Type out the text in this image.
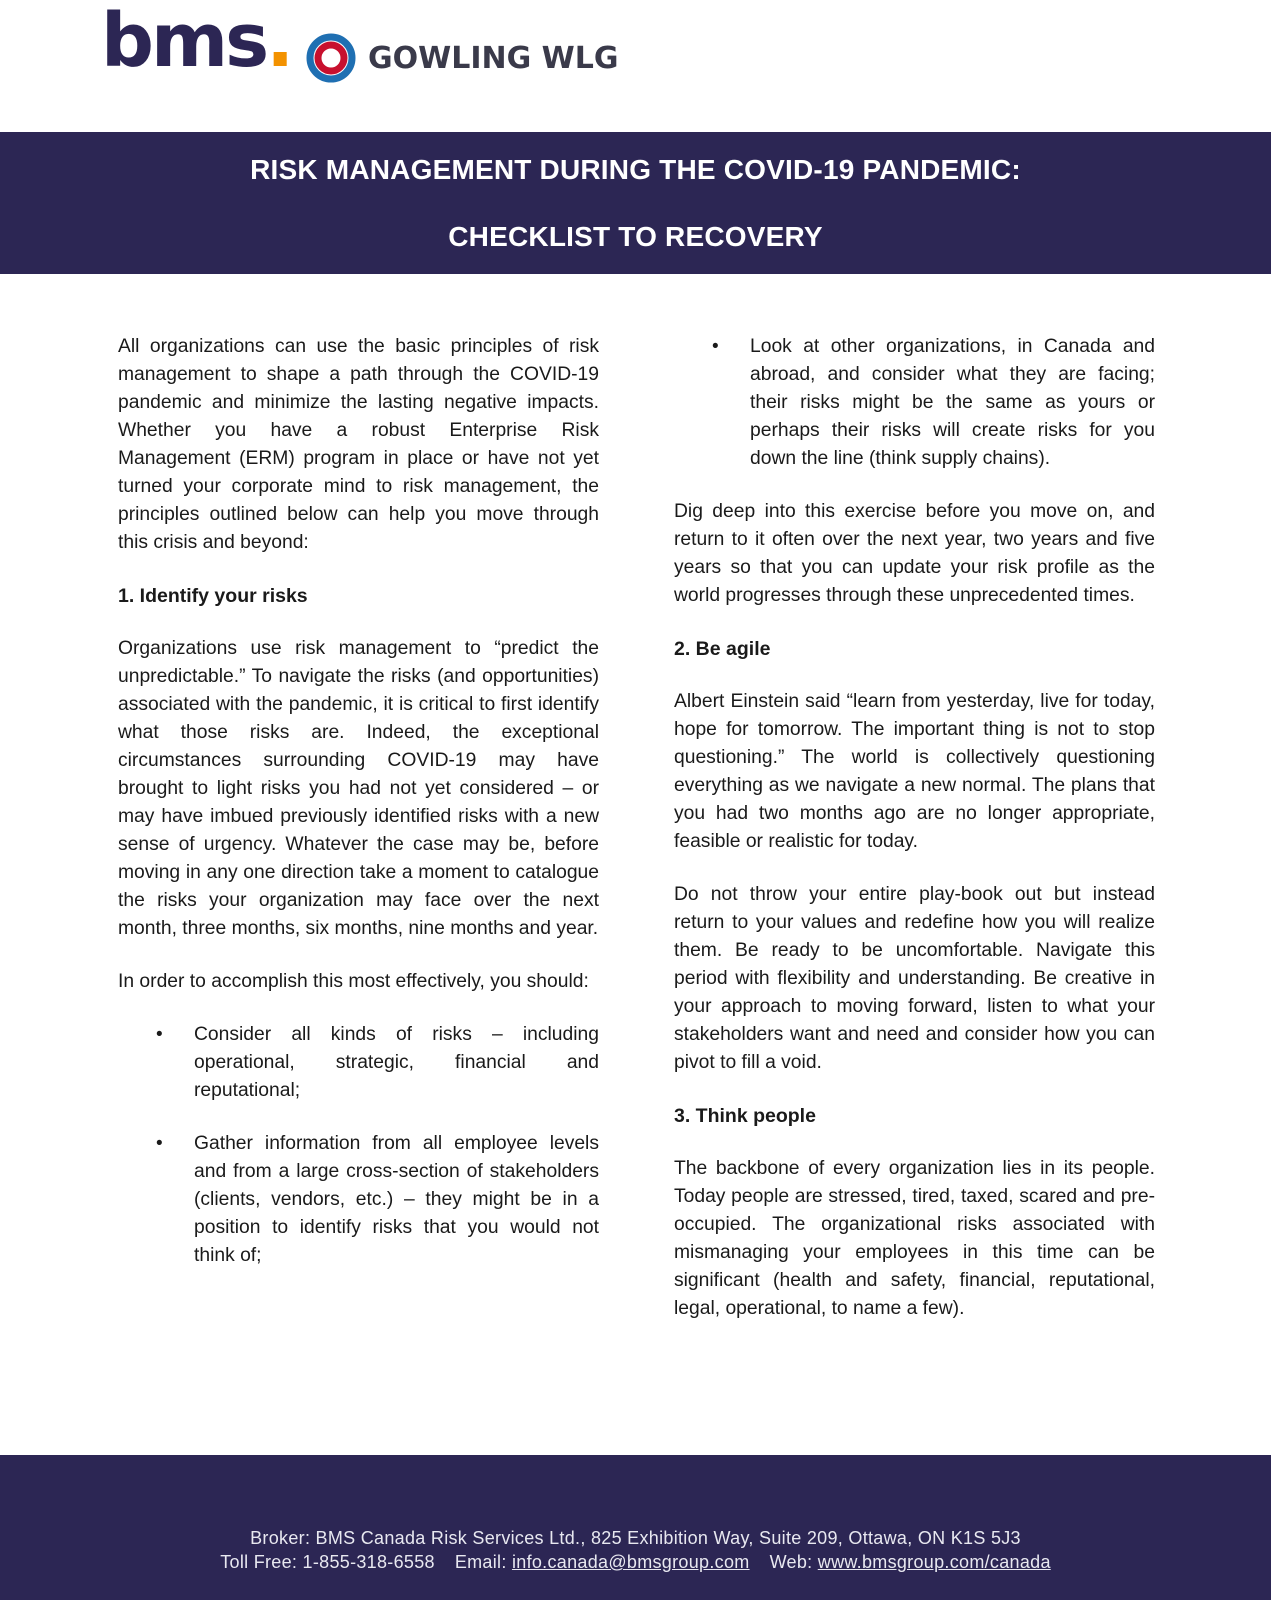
bms.	GOWLING WLG
RISK MANAGEMENT DURING THE COVID-19 PANDEMIC:
CHECKLIST TO RECOVERY

All organizations can use the basic principles of risk management to shape a path through the COVID-19 pandemic and minimize the lasting negative impacts. Whether you have a robust Enterprise Risk Management (ERM) program in place or have not yet turned your corporate mind to risk management, the principles outlined below can help you move through this crisis and beyond:

1. Identify your risks

Organizations use risk management to “predict the unpredictable.” To navigate the risks (and opportunities) associated with the pandemic, it is critical to first identify what those risks are. Indeed, the exceptional circumstances surrounding COVID-19 may have brought to light risks you had not yet considered – or may have imbued previously identified risks with a new sense of urgency. Whatever the case may be, before moving in any one direction take a moment to catalogue the risks your organization may face over the next month, three months, six months, nine months and year.

In order to accomplish this most effectively, you should:

• Consider all kinds of risks – including operational, strategic, financial and reputational;
• Gather information from all employee levels and from a large cross-section of stakeholders (clients, vendors, etc.) – they might be in a position to identify risks that you would not think of;
• Look at other organizations, in Canada and abroad, and consider what they are facing; their risks might be the same as yours or perhaps their risks will create risks for you down the line (think supply chains).

Dig deep into this exercise before you move on, and return to it often over the next year, two years and five years so that you can update your risk profile as the world progresses through these unprecedented times.

2. Be agile

Albert Einstein said “learn from yesterday, live for today, hope for tomorrow. The important thing is not to stop questioning.” The world is collectively questioning everything as we navigate a new normal. The plans that you had two months ago are no longer appropriate, feasible or realistic for today.

Do not throw your entire play-book out but instead return to your values and redefine how you will realize them. Be ready to be uncomfortable. Navigate this period with flexibility and understanding. Be creative in your approach to moving forward, listen to what your stakeholders want and need and consider how you can pivot to fill a void.

3. Think people

The backbone of every organization lies in its people. Today people are stressed, tired, taxed, scared and pre-occupied. The organizational risks associated with mismanaging your employees in this time can be significant (health and safety, financial, reputational, legal, operational, to name a few).

Broker: BMS Canada Risk Services Ltd., 825 Exhibition Way, Suite 209, Ottawa, ON K1S 5J3
Toll Free: 1-855-318-6558 Email: info.canada@bmsgroup.com Web: www.bmsgroup.com/canada
